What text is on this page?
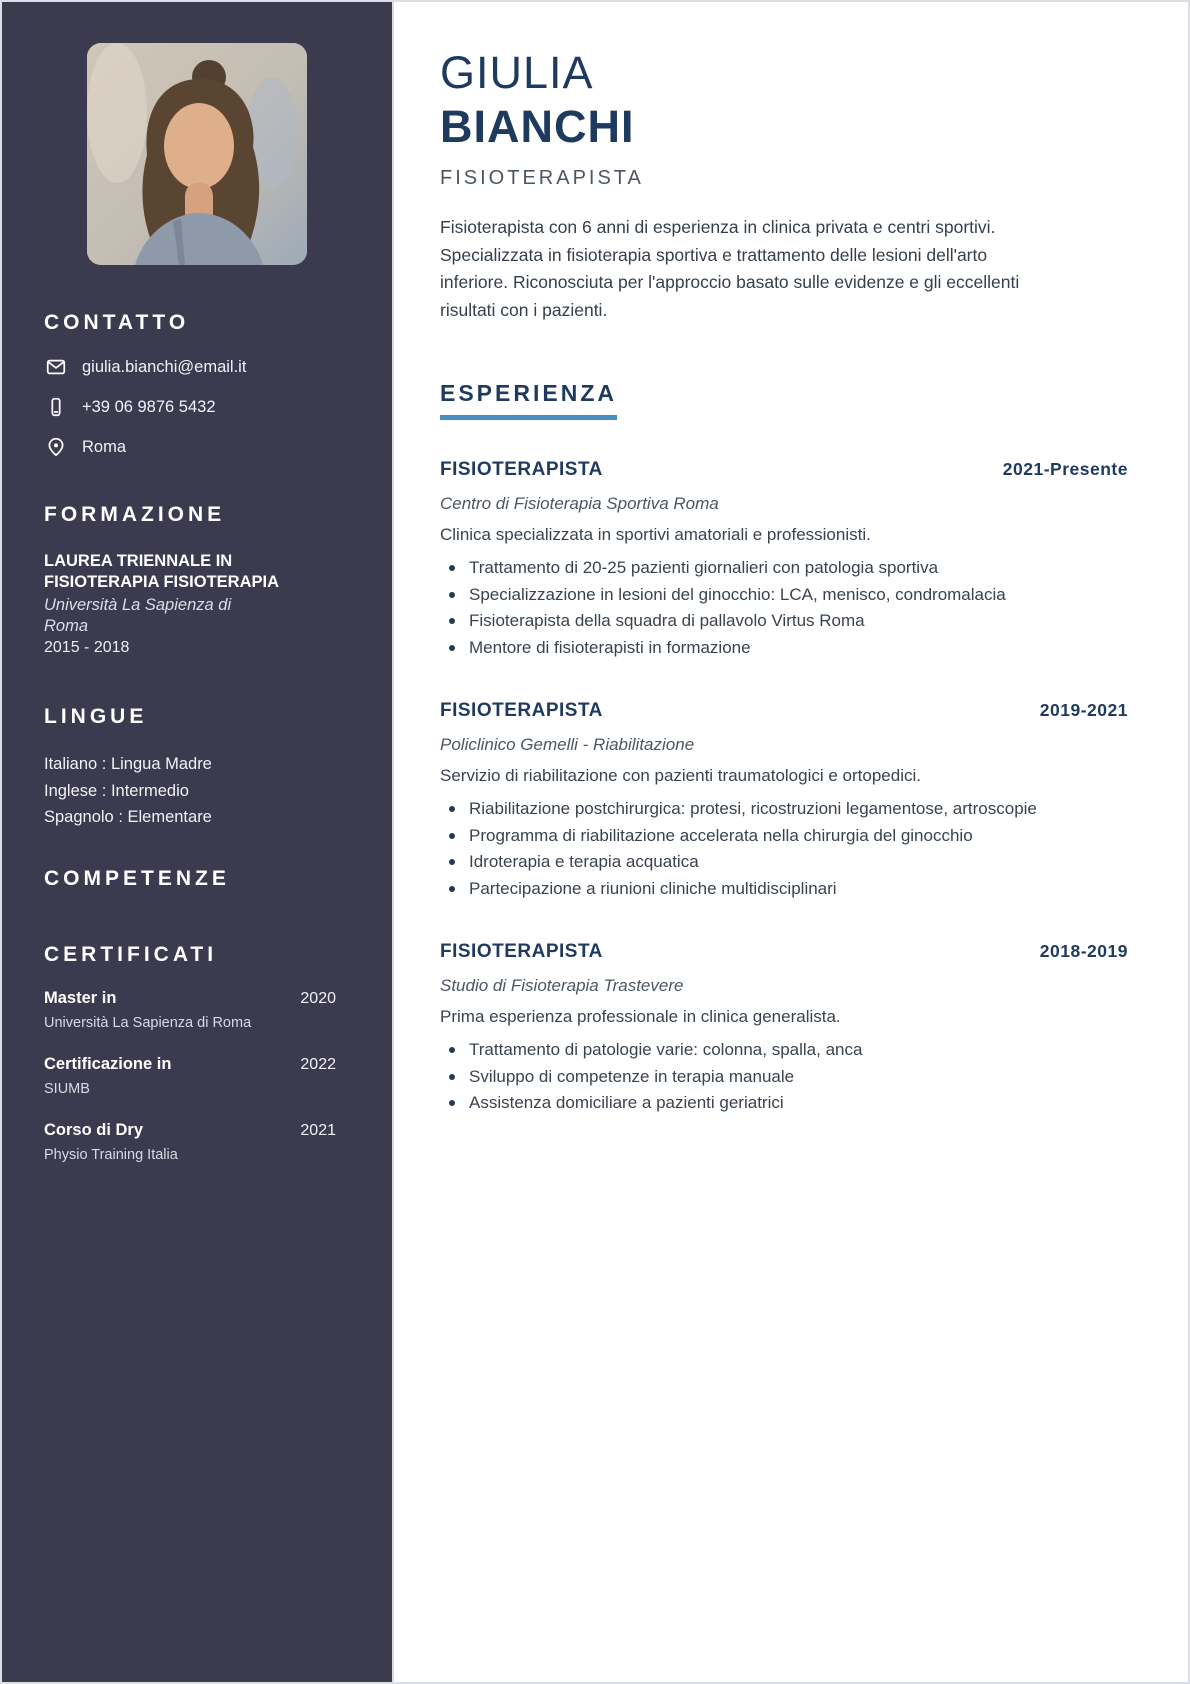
CONTATTO
giulia.bianchi@email.it
+39 06 9876 5432
Roma
FORMAZIONE
LAUREA TRIENNALE IN FISIOTERAPIA FISIOTERAPIA
Università La Sapienza di Roma
2015 - 2018
LINGUE
Italiano : Lingua Madre
Inglese : Intermedio
Spagnolo : Elementare
COMPETENZE
CERTIFICATI
Master in	2020
Università La Sapienza di Roma
Certificazione in	2022
SIUMB
Corso di Dry	2021
Physio Training Italia
GIULIA
BIANCHI
FISIOTERAPISTA

Fisioterapista con 6 anni di esperienza in clinica privata e centri sportivi. Specializzata in fisioterapia sportiva e trattamento delle lesioni dell'arto inferiore. Riconosciuta per l'approccio basato sulle evidenze e gli eccellenti risultati con i pazienti.

ESPERIENZA
FISIOTERAPISTA	2021-Presente
Centro di Fisioterapia Sportiva Roma

Clinica specializzata in sportivi amatoriali e professionisti.

Trattamento di 20-25 pazienti giornalieri con patologia sportiva
Specializzazione in lesioni del ginocchio: LCA, menisco, condromalacia
Fisioterapista della squadra di pallavolo Virtus Roma
Mentore di fisioterapisti in formazione
FISIOTERAPISTA	2019-2021
Policlinico Gemelli - Riabilitazione

Servizio di riabilitazione con pazienti traumatologici e ortopedici.

Riabilitazione postchirurgica: protesi, ricostruzioni legamentose, artroscopie
Programma di riabilitazione accelerata nella chirurgia del ginocchio
Idroterapia e terapia acquatica
Partecipazione a riunioni cliniche multidisciplinari
FISIOTERAPISTA	2018-2019
Studio di Fisioterapia Trastevere

Prima esperienza professionale in clinica generalista.

Trattamento di patologie varie: colonna, spalla, anca
Sviluppo di competenze in terapia manuale
Assistenza domiciliare a pazienti geriatrici
